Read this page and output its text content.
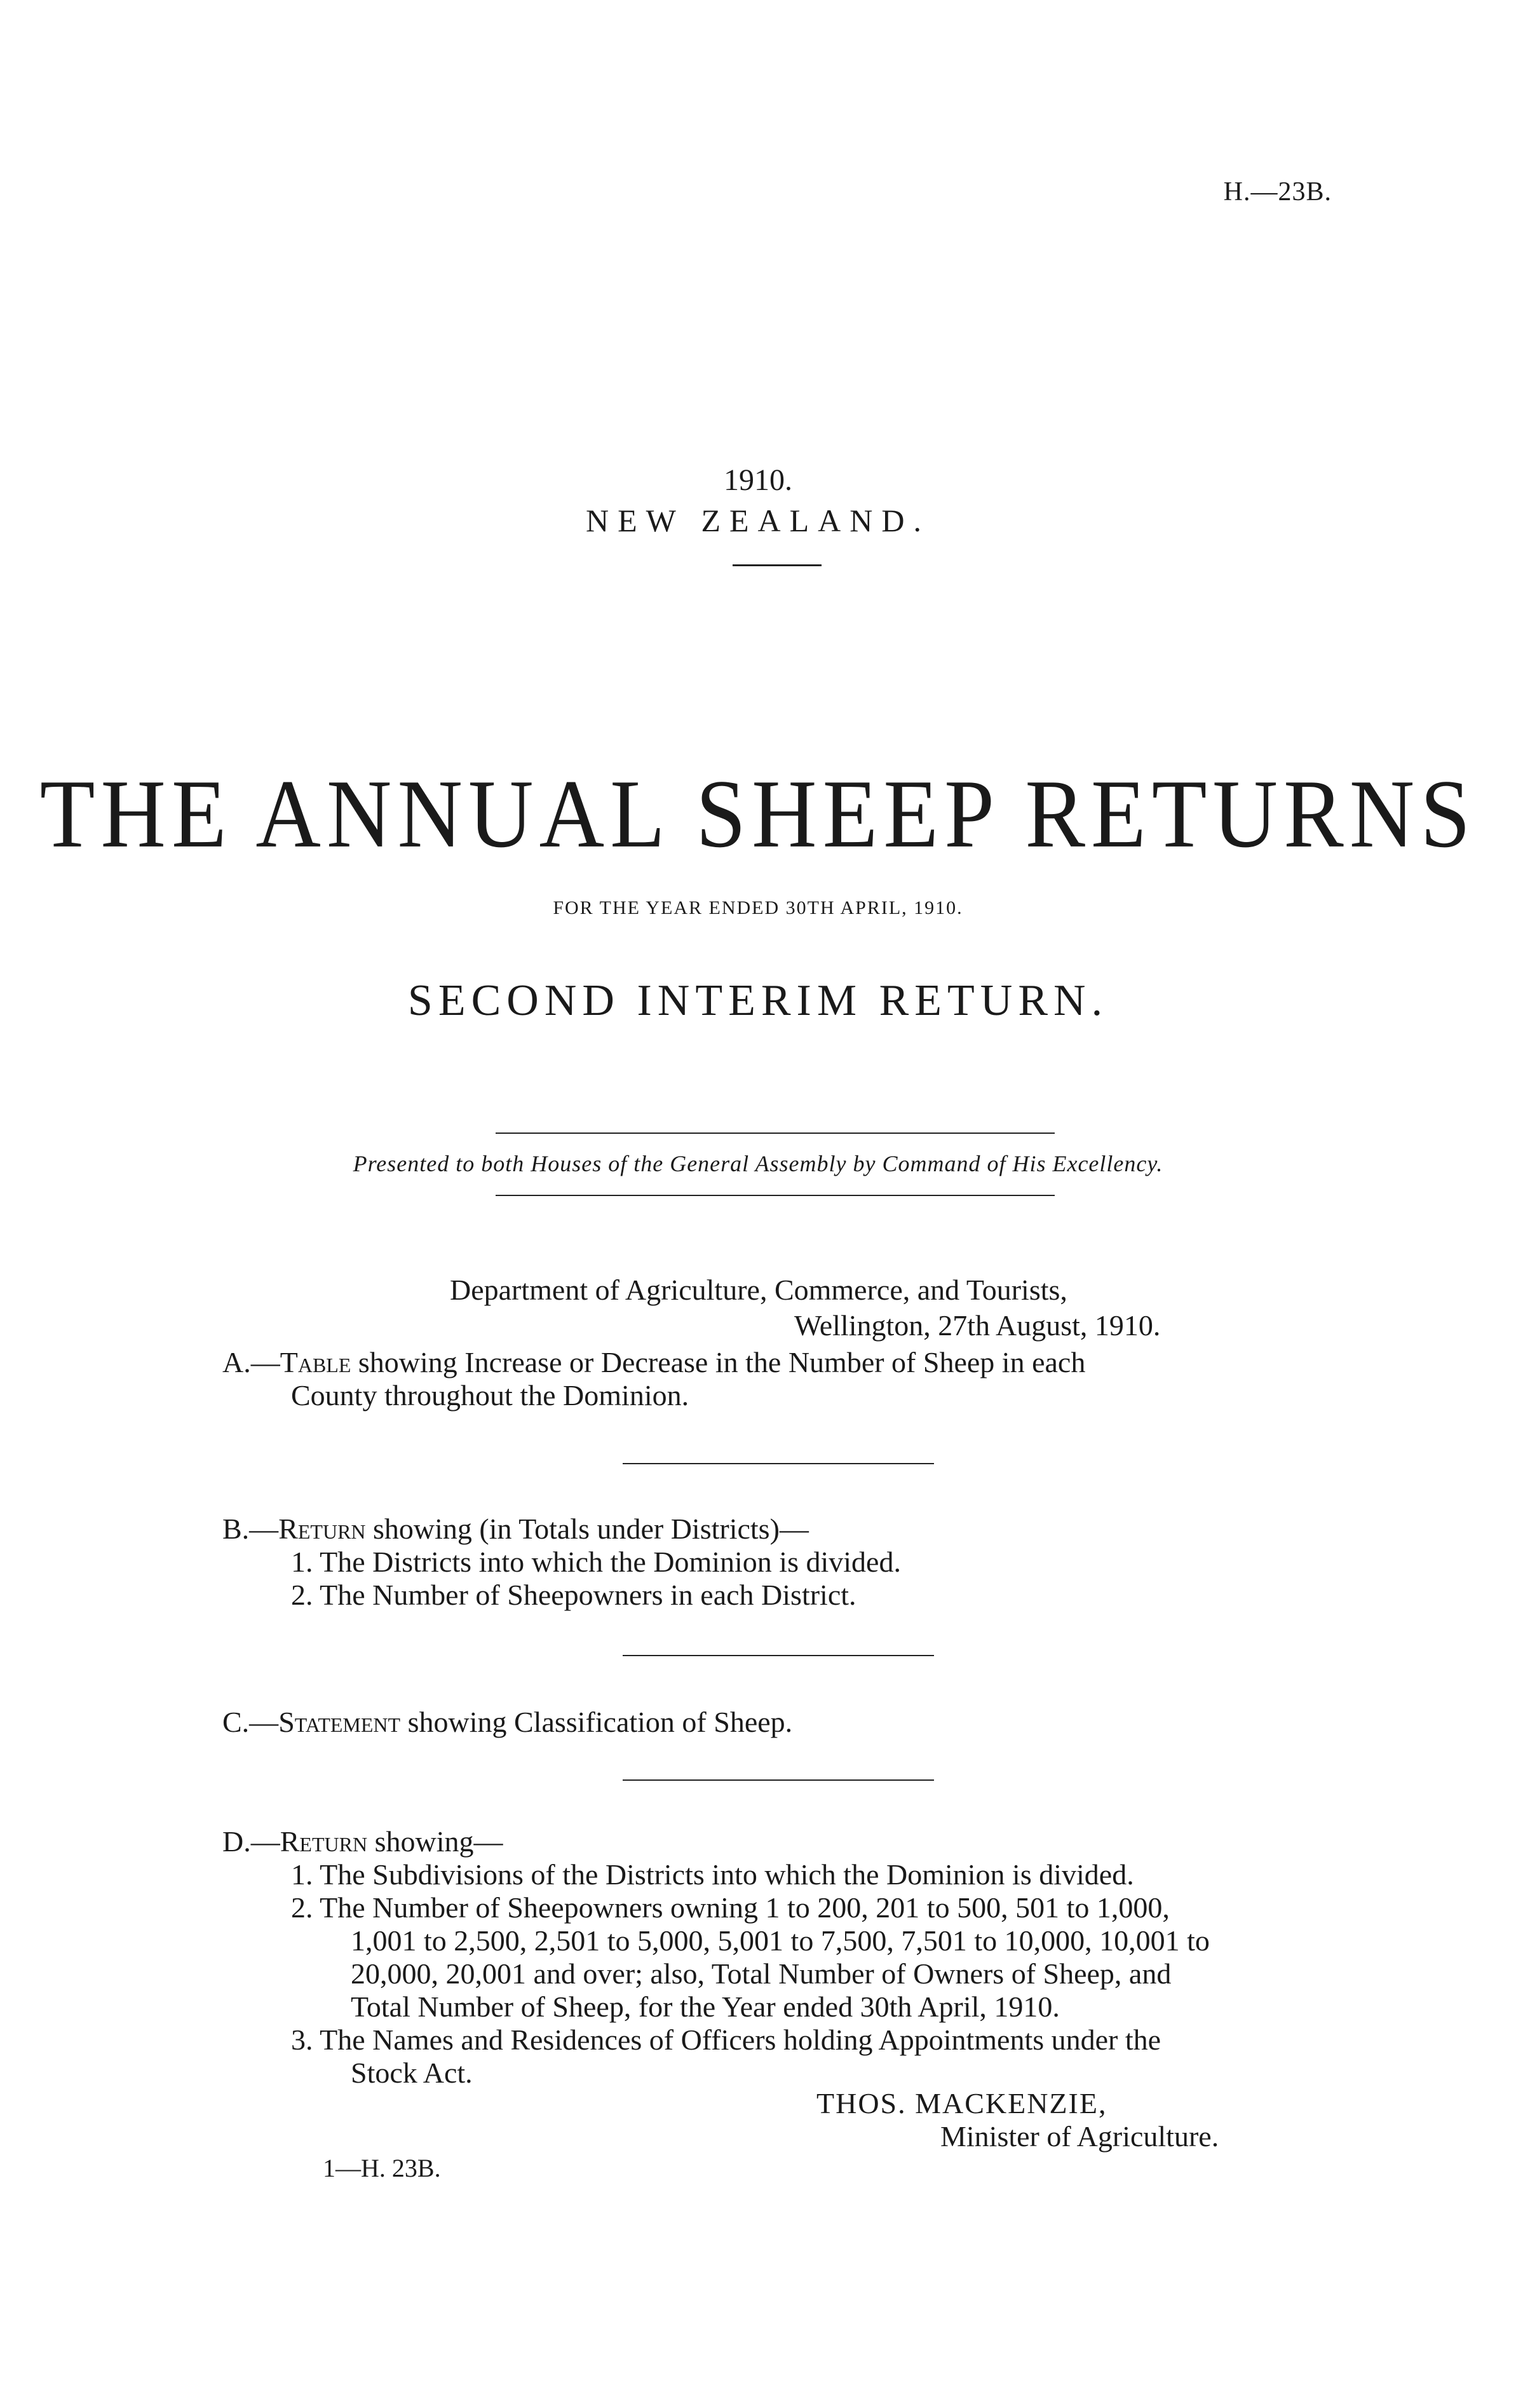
H.—23B.
1910.
NEW ZEALAND.
THE ANNUAL SHEEP RETURNS
FOR THE YEAR ENDED 30TH APRIL, 1910.
SECOND INTERIM RETURN.
Presented to both Houses of the General Assembly by Command of His Excellency.
Department of Agriculture, Commerce, and Tourists,
Wellington, 27th August, 1910.
A.—Table showing Increase or Decrease in the Number of Sheep in each
County throughout the Dominion.
B.—Return showing (in Totals under Districts)—
1. The Districts into which the Dominion is divided.
2. The Number of Sheepowners in each District.
C.—Statement showing Classification of Sheep.
D.—Return showing—
1. The Subdivisions of the Districts into which the Dominion is divided.
2. The Number of Sheepowners owning 1 to 200, 201 to 500, 501 to 1,000,
1,001 to 2,500, 2,501 to 5,000, 5,001 to 7,500, 7,501 to 10,000, 10,001 to
20,000, 20,001 and over; also, Total Number of Owners of Sheep, and
Total Number of Sheep, for the Year ended 30th April, 1910.
3. The Names and Residences of Officers holding Appointments under the
Stock Act.
THOS. MACKENZIE,
Minister of Agriculture.
1—H. 23B.
